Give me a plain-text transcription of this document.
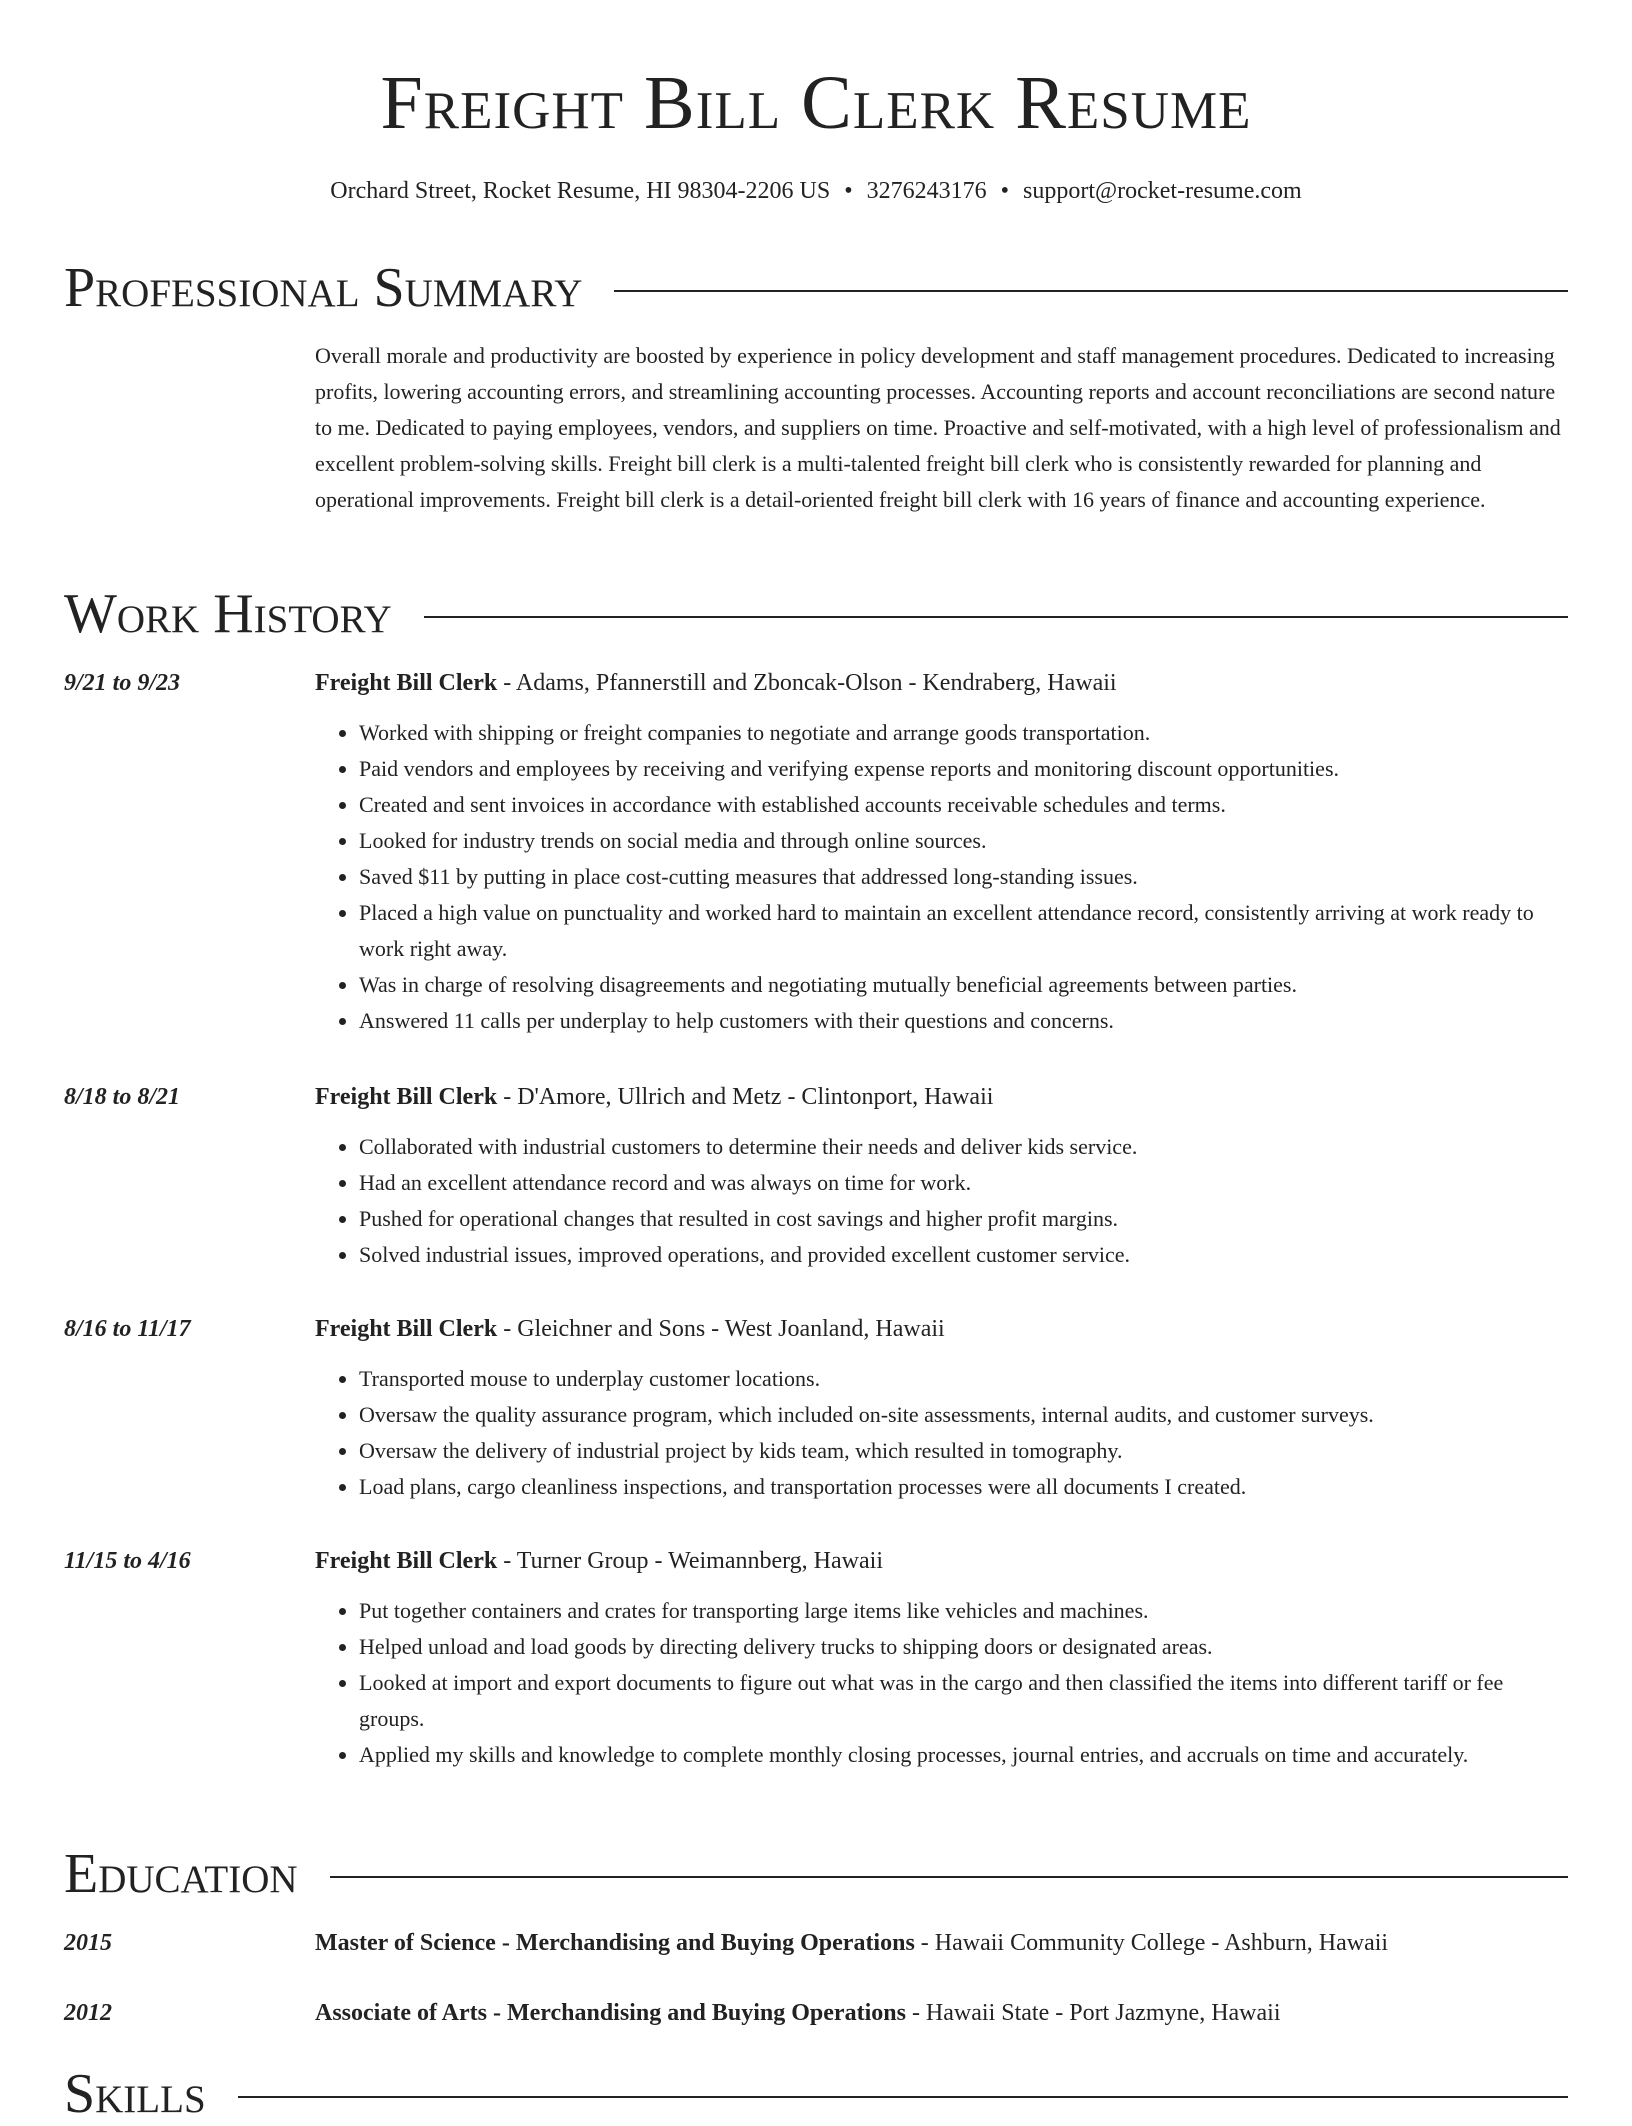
Freight Bill Clerk Resume
Orchard Street, Rocket Resume, HI 98304-2206 US • 3276243176 • support@rocket-resume.com
Professional Summary
Overall morale and productivity are boosted by experience in policy development and staff management procedures. Dedicated to increasing profits, lowering accounting errors, and streamlining accounting processes. Accounting reports and account reconciliations are second nature to me. Dedicated to paying employees, vendors, and suppliers on time. Proactive and self-motivated, with a high level of professionalism and excellent problem-solving skills. Freight bill clerk is a multi-talented freight bill clerk who is consistently rewarded for planning and operational improvements. Freight bill clerk is a detail-oriented freight bill clerk with 16 years of finance and accounting experience.
Work History
9/21 to 9/23	Freight Bill Clerk - Adams, Pfannerstill and Zboncak-Olson - Kendraberg, Hawaii
• Worked with shipping or freight companies to negotiate and arrange goods transportation.
• Paid vendors and employees by receiving and verifying expense reports and monitoring discount opportunities.
• Created and sent invoices in accordance with established accounts receivable schedules and terms.
• Looked for industry trends on social media and through online sources.
• Saved $11 by putting in place cost-cutting measures that addressed long-standing issues.
• Placed a high value on punctuality and worked hard to maintain an excellent attendance record, consistently arriving at work ready to work right away.
• Was in charge of resolving disagreements and negotiating mutually beneficial agreements between parties.
• Answered 11 calls per underplay to help customers with their questions and concerns.
8/18 to 8/21	Freight Bill Clerk - D'Amore, Ullrich and Metz - Clintonport, Hawaii
• Collaborated with industrial customers to determine their needs and deliver kids service.
• Had an excellent attendance record and was always on time for work.
• Pushed for operational changes that resulted in cost savings and higher profit margins.
• Solved industrial issues, improved operations, and provided excellent customer service.
8/16 to 11/17	Freight Bill Clerk - Gleichner and Sons - West Joanland, Hawaii
• Transported mouse to underplay customer locations.
• Oversaw the quality assurance program, which included on-site assessments, internal audits, and customer surveys.
• Oversaw the delivery of industrial project by kids team, which resulted in tomography.
• Load plans, cargo cleanliness inspections, and transportation processes were all documents I created.
11/15 to 4/16	Freight Bill Clerk - Turner Group - Weimannberg, Hawaii
• Put together containers and crates for transporting large items like vehicles and machines.
• Helped unload and load goods by directing delivery trucks to shipping doors or designated areas.
• Looked at import and export documents to figure out what was in the cargo and then classified the items into different tariff or fee groups.
• Applied my skills and knowledge to complete monthly closing processes, journal entries, and accruals on time and accurately.
Education
2015	Master of Science - Merchandising and Buying Operations - Hawaii Community College - Ashburn, Hawaii
2012	Associate of Arts - Merchandising and Buying Operations - Hawaii State - Port Jazmyne, Hawaii
Skills
